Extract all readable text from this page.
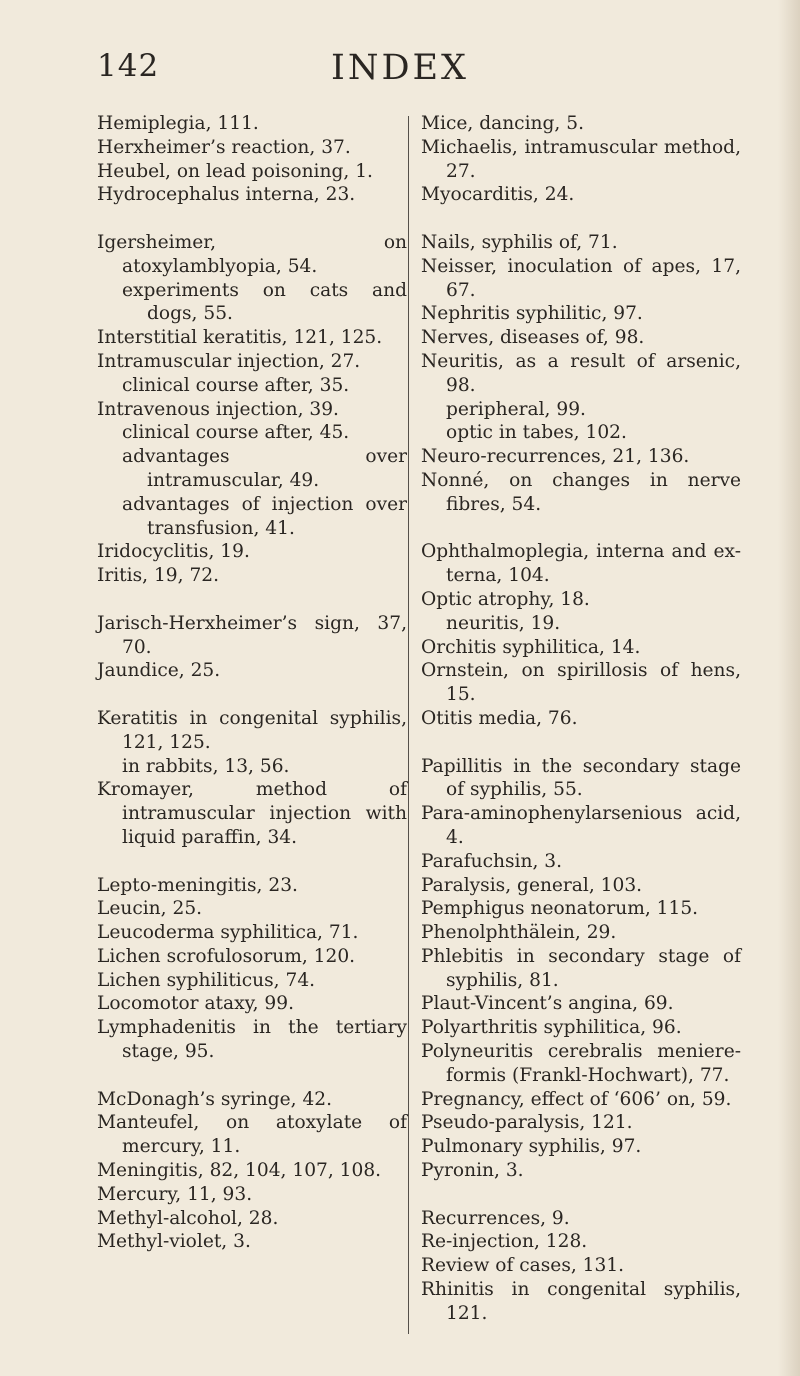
INDEX
142
Hemiplegia, 111.
Herxheimer’s reaction, 37.
Heubel, on lead poisoning, 1.
Hydrocephalus interna, 23.
Igersheimer, on atoxylamblyopia, 54.
experiments on cats and dogs, 55.
Interstitial keratitis, 121, 125.
Intramuscular injection, 27.
clinical course after, 35.
Intravenous injection, 39.
clinical course after, 45.
advantages over intramuscular, 49.
advantages of injection over transfusion, 41.
Iridocyclitis, 19.
Iritis, 19, 72.
Jarisch-Herxheimer’s sign, 37, 70.
Jaundice, 25.
Keratitis in congenital syphilis, 121, 125.
in rabbits, 13, 56.
Kromayer, method of intramuscular injection with liquid paraffin, 34.
Lepto-meningitis, 23.
Leucin, 25.
Leucoderma syphilitica, 71.
Lichen scrofulosorum, 120.
Lichen syphiliticus, 74.
Locomotor ataxy, 99.
Lymphadenitis in the tertiary stage, 95.
McDonagh’s syringe, 42.
Manteufel, on atoxylate of mercury, 11.
Meningitis, 82, 104, 107, 108.
Mercury, 11, 93.
Methyl-alcohol, 28.
Methyl-violet, 3.
Mice, dancing, 5.
Michaelis, intramuscular method, 27.
Myocarditis, 24.
Nails, syphilis of, 71.
Neisser, inoculation of apes, 17, 67.
Nephritis syphilitic, 97.
Nerves, diseases of, 98.
Neuritis, as a result of arsenic, 98.
peripheral, 99.
optic in tabes, 102.
Neuro-recurrences, 21, 136.
Nonné, on changes in nerve fibres, 54.
Ophthalmoplegia, interna and ex-terna, 104.
Optic atrophy, 18.
neuritis, 19.
Orchitis syphilitica, 14.
Ornstein, on spirillosis of hens, 15.
Otitis media, 76.
Papillitis in the secondary stage of syphilis, 55.
Para-aminophenylarsenious acid, 4.
Parafuchsin, 3.
Paralysis, general, 103.
Pemphigus neonatorum, 115.
Phenolphthälein, 29.
Phlebitis in secondary stage of syphilis, 81.
Plaut-Vincent’s angina, 69.
Polyarthritis syphilitica, 96.
Polyneuritis cerebralis meniere-formis (Frankl-Hochwart), 77.
Pregnancy, effect of ‘606’ on, 59.
Pseudo-paralysis, 121.
Pulmonary syphilis, 97.
Pyronin, 3.
Recurrences, 9.
Re-injection, 128.
Review of cases, 131.
Rhinitis in congenital syphilis, 121.
